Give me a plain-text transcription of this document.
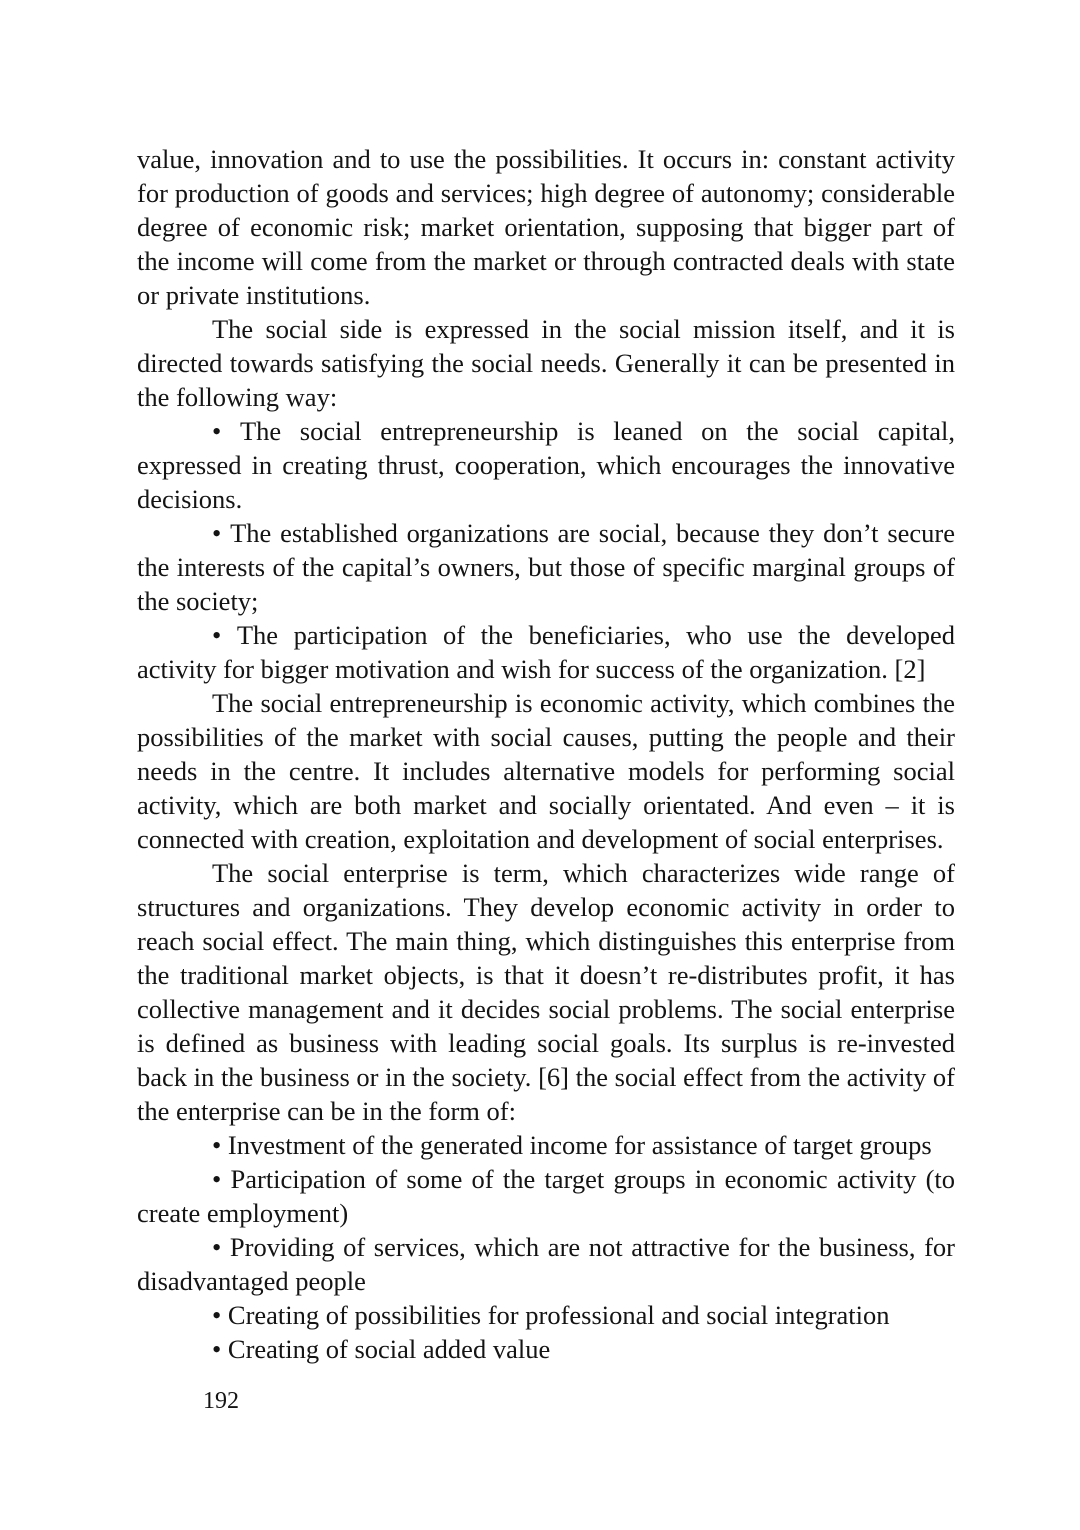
value, innovation and to use the possibilities. It occurs in: constant activity for production of goods and services; high degree of autonomy; considerable degree of economic risk; market orientation, supposing that bigger part of the income will come from the market or through contracted deals with state or private institutions.

The social side is expressed in the social mission itself, and it is directed towards satisfying the social needs. Generally it can be presented in the following way:

• The social entrepreneurship is leaned on the social capital, expressed in creating thrust, cooperation, which encourages the innovative decisions.

• The established organizations are social, because they don’t secure the interests of the capital’s owners, but those of specific marginal groups of the society;

• The participation of the beneficiaries, who use the developed activity for bigger motivation and wish for success of the organization. [2]

The social entrepreneurship is economic activity, which combines the possibilities of the market with social causes, putting the people and their needs in the centre. It includes alternative models for performing social activity, which are both market and socially orientated. And even – it is connected with creation, exploitation and development of social enterprises.

The social enterprise is term, which characterizes wide range of structures and organizations. They develop economic activity in order to reach social effect. The main thing, which distinguishes this enterprise from the traditional market objects, is that it doesn’t re-distributes profit, it has collective management and it decides social problems. The social enterprise is defined as business with leading social goals. Its surplus is re-invested back in the business or in the society. [6] the social effect from the activity of the enterprise can be in the form of:

• Investment of the generated income for assistance of target groups

• Participation of some of the target groups in economic activity (to create employment)

• Providing of services, which are not attractive for the business, for disadvantaged people

• Creating of possibilities for professional and social integration

• Creating of social added value

192
